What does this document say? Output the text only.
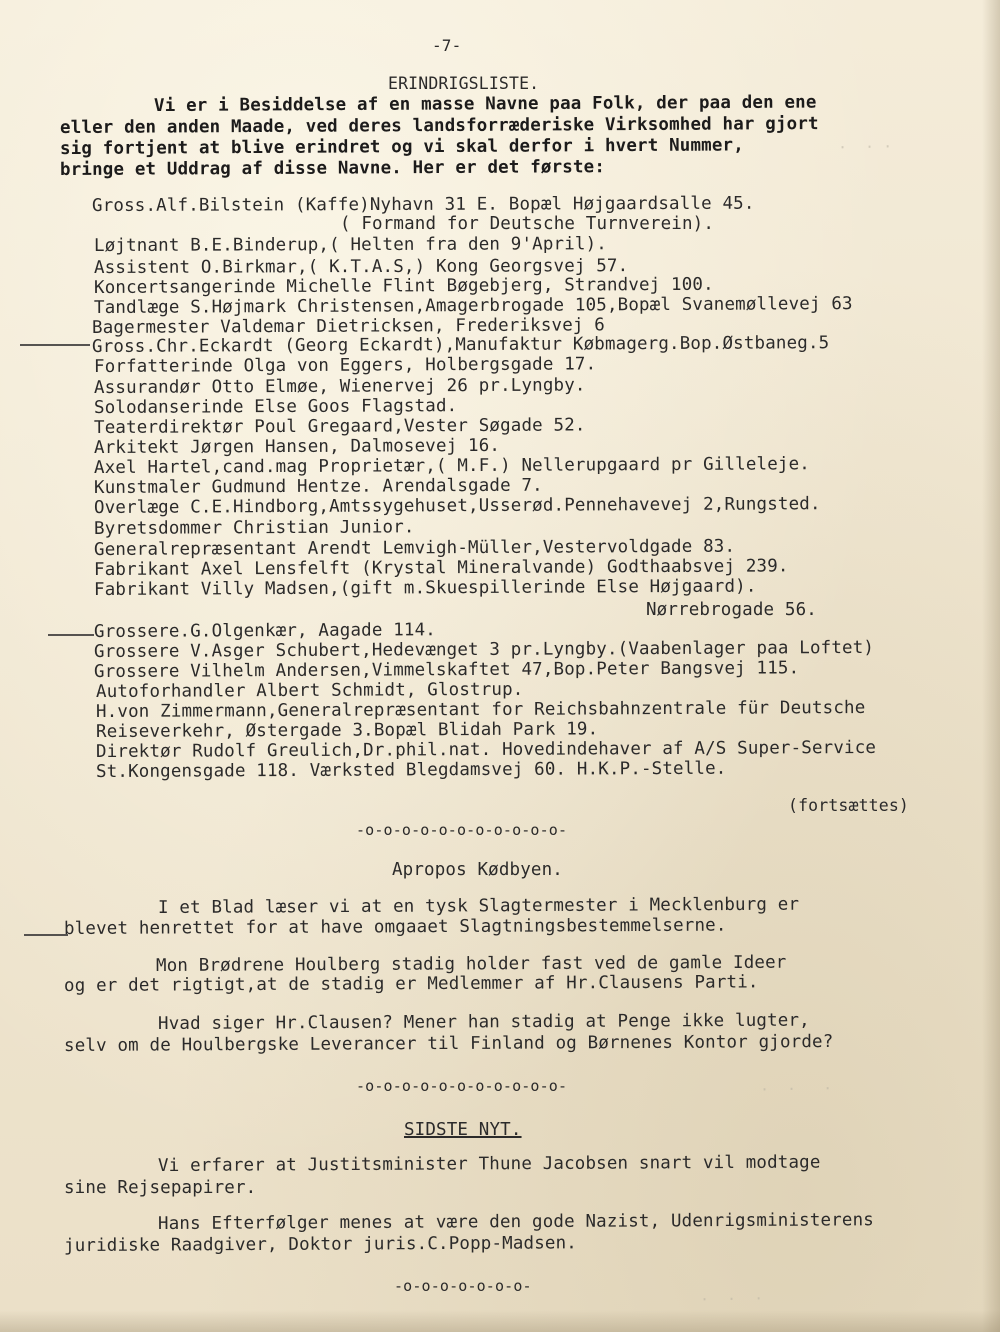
·  · ·
·  ·   ·
·  ·  ·
-7-
ERINDRIGSLISTE.
Vi er i Besiddelse af en masse Navne paa Folk, der paa den ene
eller den anden Maade, ved deres landsforræderiske Virksomhed har gjort
sig fortjent at blive erindret og vi skal derfor i hvert Nummer,
bringe et Uddrag af disse Navne. Her er det første:
Gross.Alf.Bilstein (Kaffe)Nyhavn 31 E. Bopæl Højgaardsalle 45.
( Formand for Deutsche Turnverein).
Løjtnant B.E.Binderup,( Helten fra den 9'April).
Assistent O.Birkmar,( K.T.A.S,) Kong Georgsvej 57.
Koncertsangerinde Michelle Flint Bøgebjerg, Strandvej 100.
Tandlæge S.Højmark Christensen,Amagerbrogade 105,Bopæl Svanemøllevej 63
Bagermester Valdemar Dietricksen, Frederiksvej 6
Gross.Chr.Eckardt (Georg Eckardt),Manufaktur Købmagerg.Bop.Østbaneg.5
Forfatterinde Olga von Eggers, Holbergsgade 17.
Assurandør Otto Elmøe, Wienervej 26 pr.Lyngby.
Solodanserinde Else Goos Flagstad.
Teaterdirektør Poul Gregaard,Vester Søgade 52.
Arkitekt Jørgen Hansen, Dalmosevej 16.
Axel Hartel,cand.mag Proprietær,( M.F.) Nellerupgaard pr Gilleleje.
Kunstmaler Gudmund Hentze. Arendalsgade 7.
Overlæge C.E.Hindborg,Amtssygehuset,Usserød.Pennehavevej 2,Rungsted.
Byretsdommer Christian Junior.
Generalrepræsentant Arendt Lemvigh-Müller,Vestervoldgade 83.
Fabrikant Axel Lensfelft (Krystal Mineralvande) Godthaabsvej 239.
Fabrikant Villy Madsen,(gift m.Skuespillerinde Else Højgaard).
Nørrebrogade 56.
Grossere.G.Olgenkær, Aagade 114.
Grossere V.Asger Schubert,Hedevænget 3 pr.Lyngby.(Vaabenlager paa Loftet)
Grossere Vilhelm Andersen,Vimmelskaftet 47,Bop.Peter Bangsvej 115.
Autoforhandler Albert Schmidt, Glostrup.
H.von Zimmermann,Generalrepræsentant for Reichsbahnzentrale für Deutsche
Reiseverkehr, Østergade 3.Bopæl Blidah Park 19.
Direktør Rudolf Greulich,Dr.phil.nat. Hovedindehaver af A/S Super-Service
St.Kongensgade 118. Værksted Blegdamsvej 60. H.K.P.-Stelle.
(fortsættes)
-o-o-o-o-o-o-o-o-o-o-o-
Apropos Kødbyen.
I et Blad læser vi at en tysk Slagtermester i Mecklenburg er
blevet henrettet for at have omgaaet Slagtningsbestemmelserne.
Mon Brødrene Houlberg stadig holder fast ved de gamle Ideer
og er det rigtigt,at de stadig er Medlemmer af Hr.Clausens Parti.
Hvad siger Hr.Clausen? Mener han stadig at Penge ikke lugter,
selv om de Houlbergske Leverancer til Finland og Børnenes Kontor gjorde?
-o-o-o-o-o-o-o-o-o-o-o-
SIDSTE NYT.
Vi erfarer at Justitsminister Thune Jacobsen snart vil modtage
sine Rejsepapirer.
Hans Efterfølger menes at være den gode Nazist, Udenrigsministerens
juridiske Raadgiver, Doktor juris.C.Popp-Madsen.
-o-o-o-o-o-o-o-
